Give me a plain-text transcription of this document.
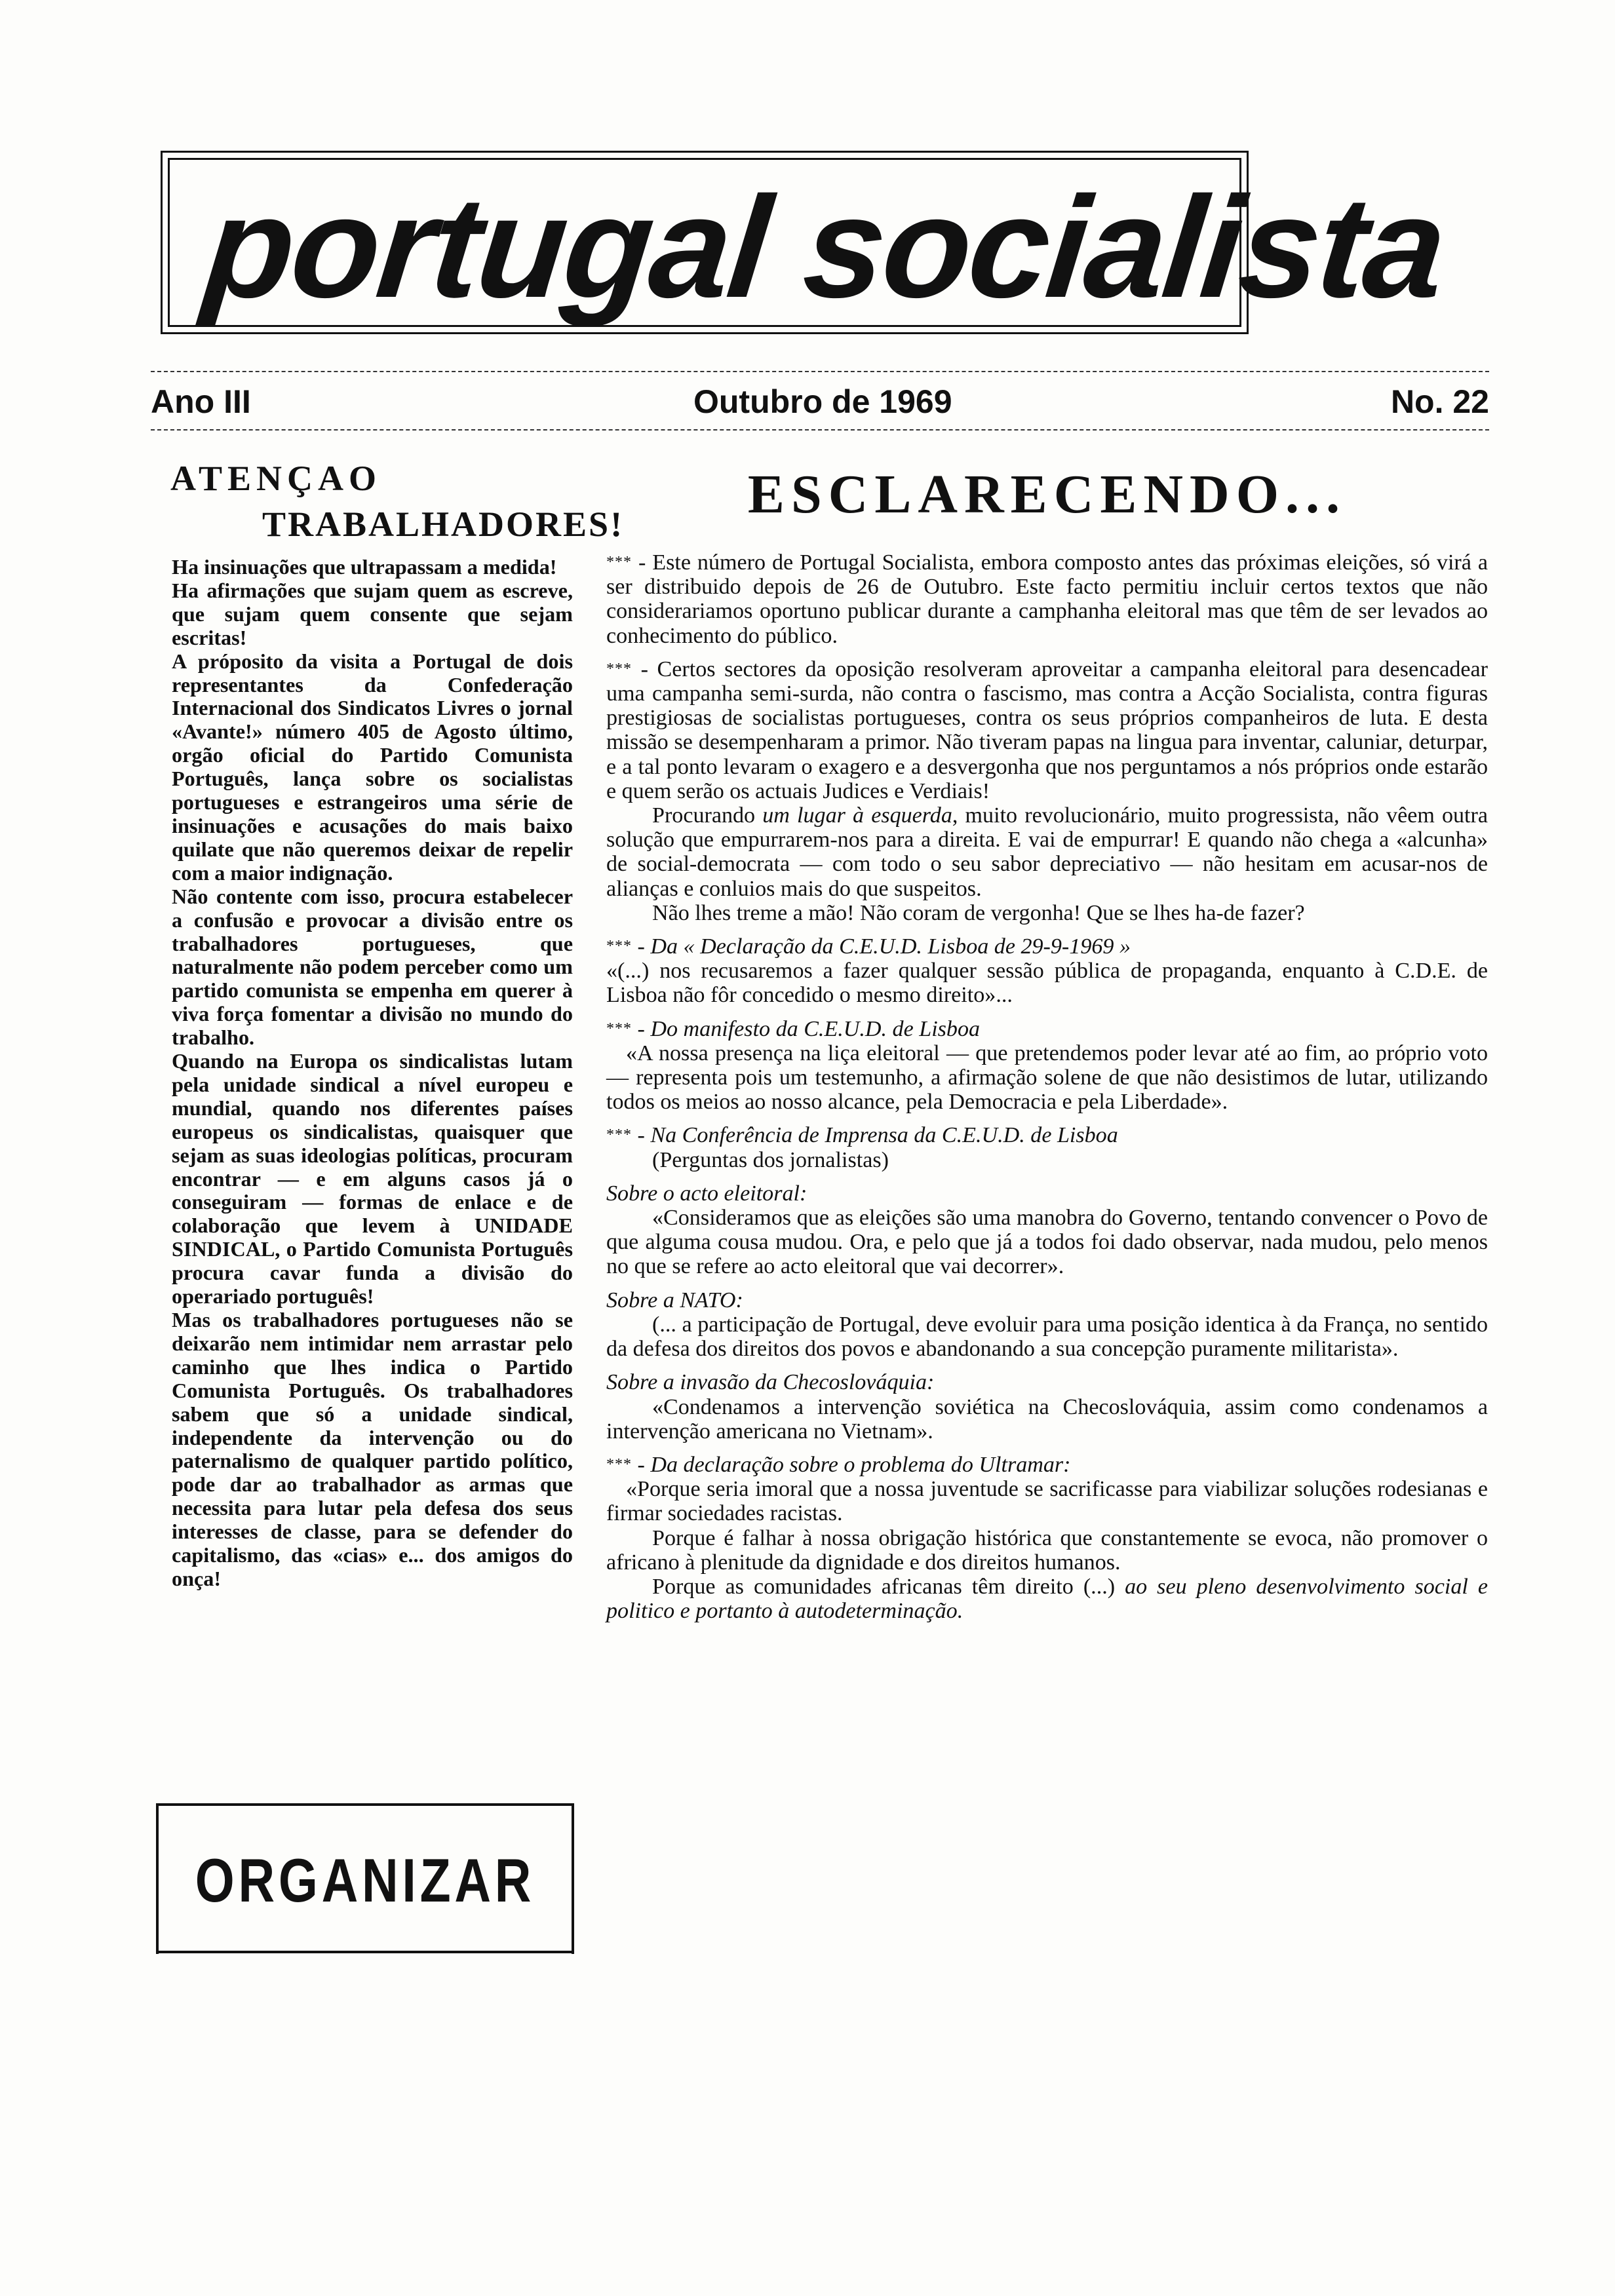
portugal socialista
Ano III	Outubro de 1969	No. 22
ATENÇAO
TRABALHADORES!

Ha insinuações que ultrapassam a medida!

Ha afirmações que sujam quem as escreve, que sujam quem consente que sejam escritas!

A próposito da visita a Portugal de dois representantes da Confederação Internacional dos Sindicatos Livres o jornal «Avante!» número 405 de Agosto último, orgão oficial do Partido Comunista Português, lança sobre os socialistas portugueses e estrangeiros uma série de insinuações e acusações do mais baixo quilate que não queremos deixar de repelir com a maior indignação.

Não contente com isso, procura estabelecer a confusão e provocar a divisão entre os trabalhadores portugueses, que naturalmente não podem perceber como um partido comunista se empenha em querer à viva força fomentar a divisão no mundo do trabalho.

Quando na Europa os sindicalistas lutam pela unidade sindical a nível europeu e mundial, quando nos diferentes países europeus os sindicalistas, quaisquer que sejam as suas ideologias políticas, procuram encontrar — e em alguns casos já o conseguiram — formas de enlace e de colaboração que levem à UNIDADE SINDICAL, o Partido Comunista Português procura cavar funda a divisão do operariado português!

Mas os trabalhadores portugueses não se deixarão nem intimidar nem arrastar pelo caminho que lhes indica o Partido Comunista Português. Os trabalhadores sabem que só a unidade sindical, independente da intervenção ou do paternalismo de qualquer partido político, pode dar ao trabalhador as armas que necessita para lutar pela defesa dos seus interesses de classe, para se defender do capitalismo, das «cias» e... dos amigos do onça!

ORGANIZAR
ESCLARECENDO...

*** - Este número de Portugal Socialista, embora composto antes das próximas eleições, só virá a ser distribuido depois de 26 de Outubro. Este facto permitiu incluir certos textos que não considerariamos oportuno publicar durante a camphanha eleitoral mas que têm de ser levados ao conhecimento do público.

*** - Certos sectores da oposição resolveram aproveitar a campanha eleitoral para desencadear uma campanha semi-surda, não contra o fascismo, mas contra a Acção Socialista, contra figuras prestigiosas de socialistas portugueses, contra os seus próprios companheiros de luta. E desta missão se desempenharam a primor. Não tiveram papas na lingua para inventar, caluniar, deturpar, e a tal ponto levaram o exagero e a desvergonha que nos perguntamos a nós próprios onde estarão e quem serão os actuais Judices e Verdiais!

Procurando um lugar à esquerda, muito revolucionário, muito progressista, não vêem outra solução que empurrarem-nos para a direita. E vai de empurrar! E quando não chega a «alcunha» de social-democrata — com todo o seu sabor depreciativo — não hesitam em acusar-nos de alianças e conluios mais do que suspeitos.

Não lhes treme a mão! Não coram de vergonha! Que se lhes ha-de fazer?

*** - Da « Declaração da C.E.U.D. Lisboa de 29-9-1969 »

«(...) nos recusaremos a fazer qualquer sessão pública de propaganda, enquanto à C.D.E. de Lisboa não fôr concedido o mesmo direito»...

*** - Do manifesto da C.E.U.D. de Lisboa

«A nossa presença na liça eleitoral — que pretendemos poder levar até ao fim, ao próprio voto — representa pois um testemunho, a afirmação solene de que não desistimos de lutar, utilizando todos os meios ao nosso alcance, pela Democracia e pela Liberdade».

*** - Na Conferência de Imprensa da C.E.U.D. de Lisboa

(Perguntas dos jornalistas)

Sobre o acto eleitoral:

«Consideramos que as eleições são uma manobra do Governo, tentando convencer o Povo de que alguma cousa mudou. Ora, e pelo que já a todos foi dado observar, nada mudou, pelo menos no que se refere ao acto eleitoral que vai decorrer».

Sobre a NATO:

(... a participação de Portugal, deve evoluir para uma posição identica à da França, no sentido da defesa dos direitos dos povos e abandonando a sua concepção puramente militarista».

Sobre a invasão da Checoslováquia:

«Condenamos a intervenção soviética na Checoslováquia, assim como condenamos a intervenção americana no Vietnam».

*** - Da declaração sobre o problema do Ultramar:

«Porque seria imoral que a nossa juventude se sacrificasse para viabilizar soluções rodesianas e firmar sociedades racistas.

Porque é falhar à nossa obrigação histórica que constantemente se evoca, não promover o africano à plenitude da dignidade e dos direitos humanos.

Porque as comunidades africanas têm direito (...) ao seu pleno desenvolvimento social e politico e portanto à autodeterminação.
